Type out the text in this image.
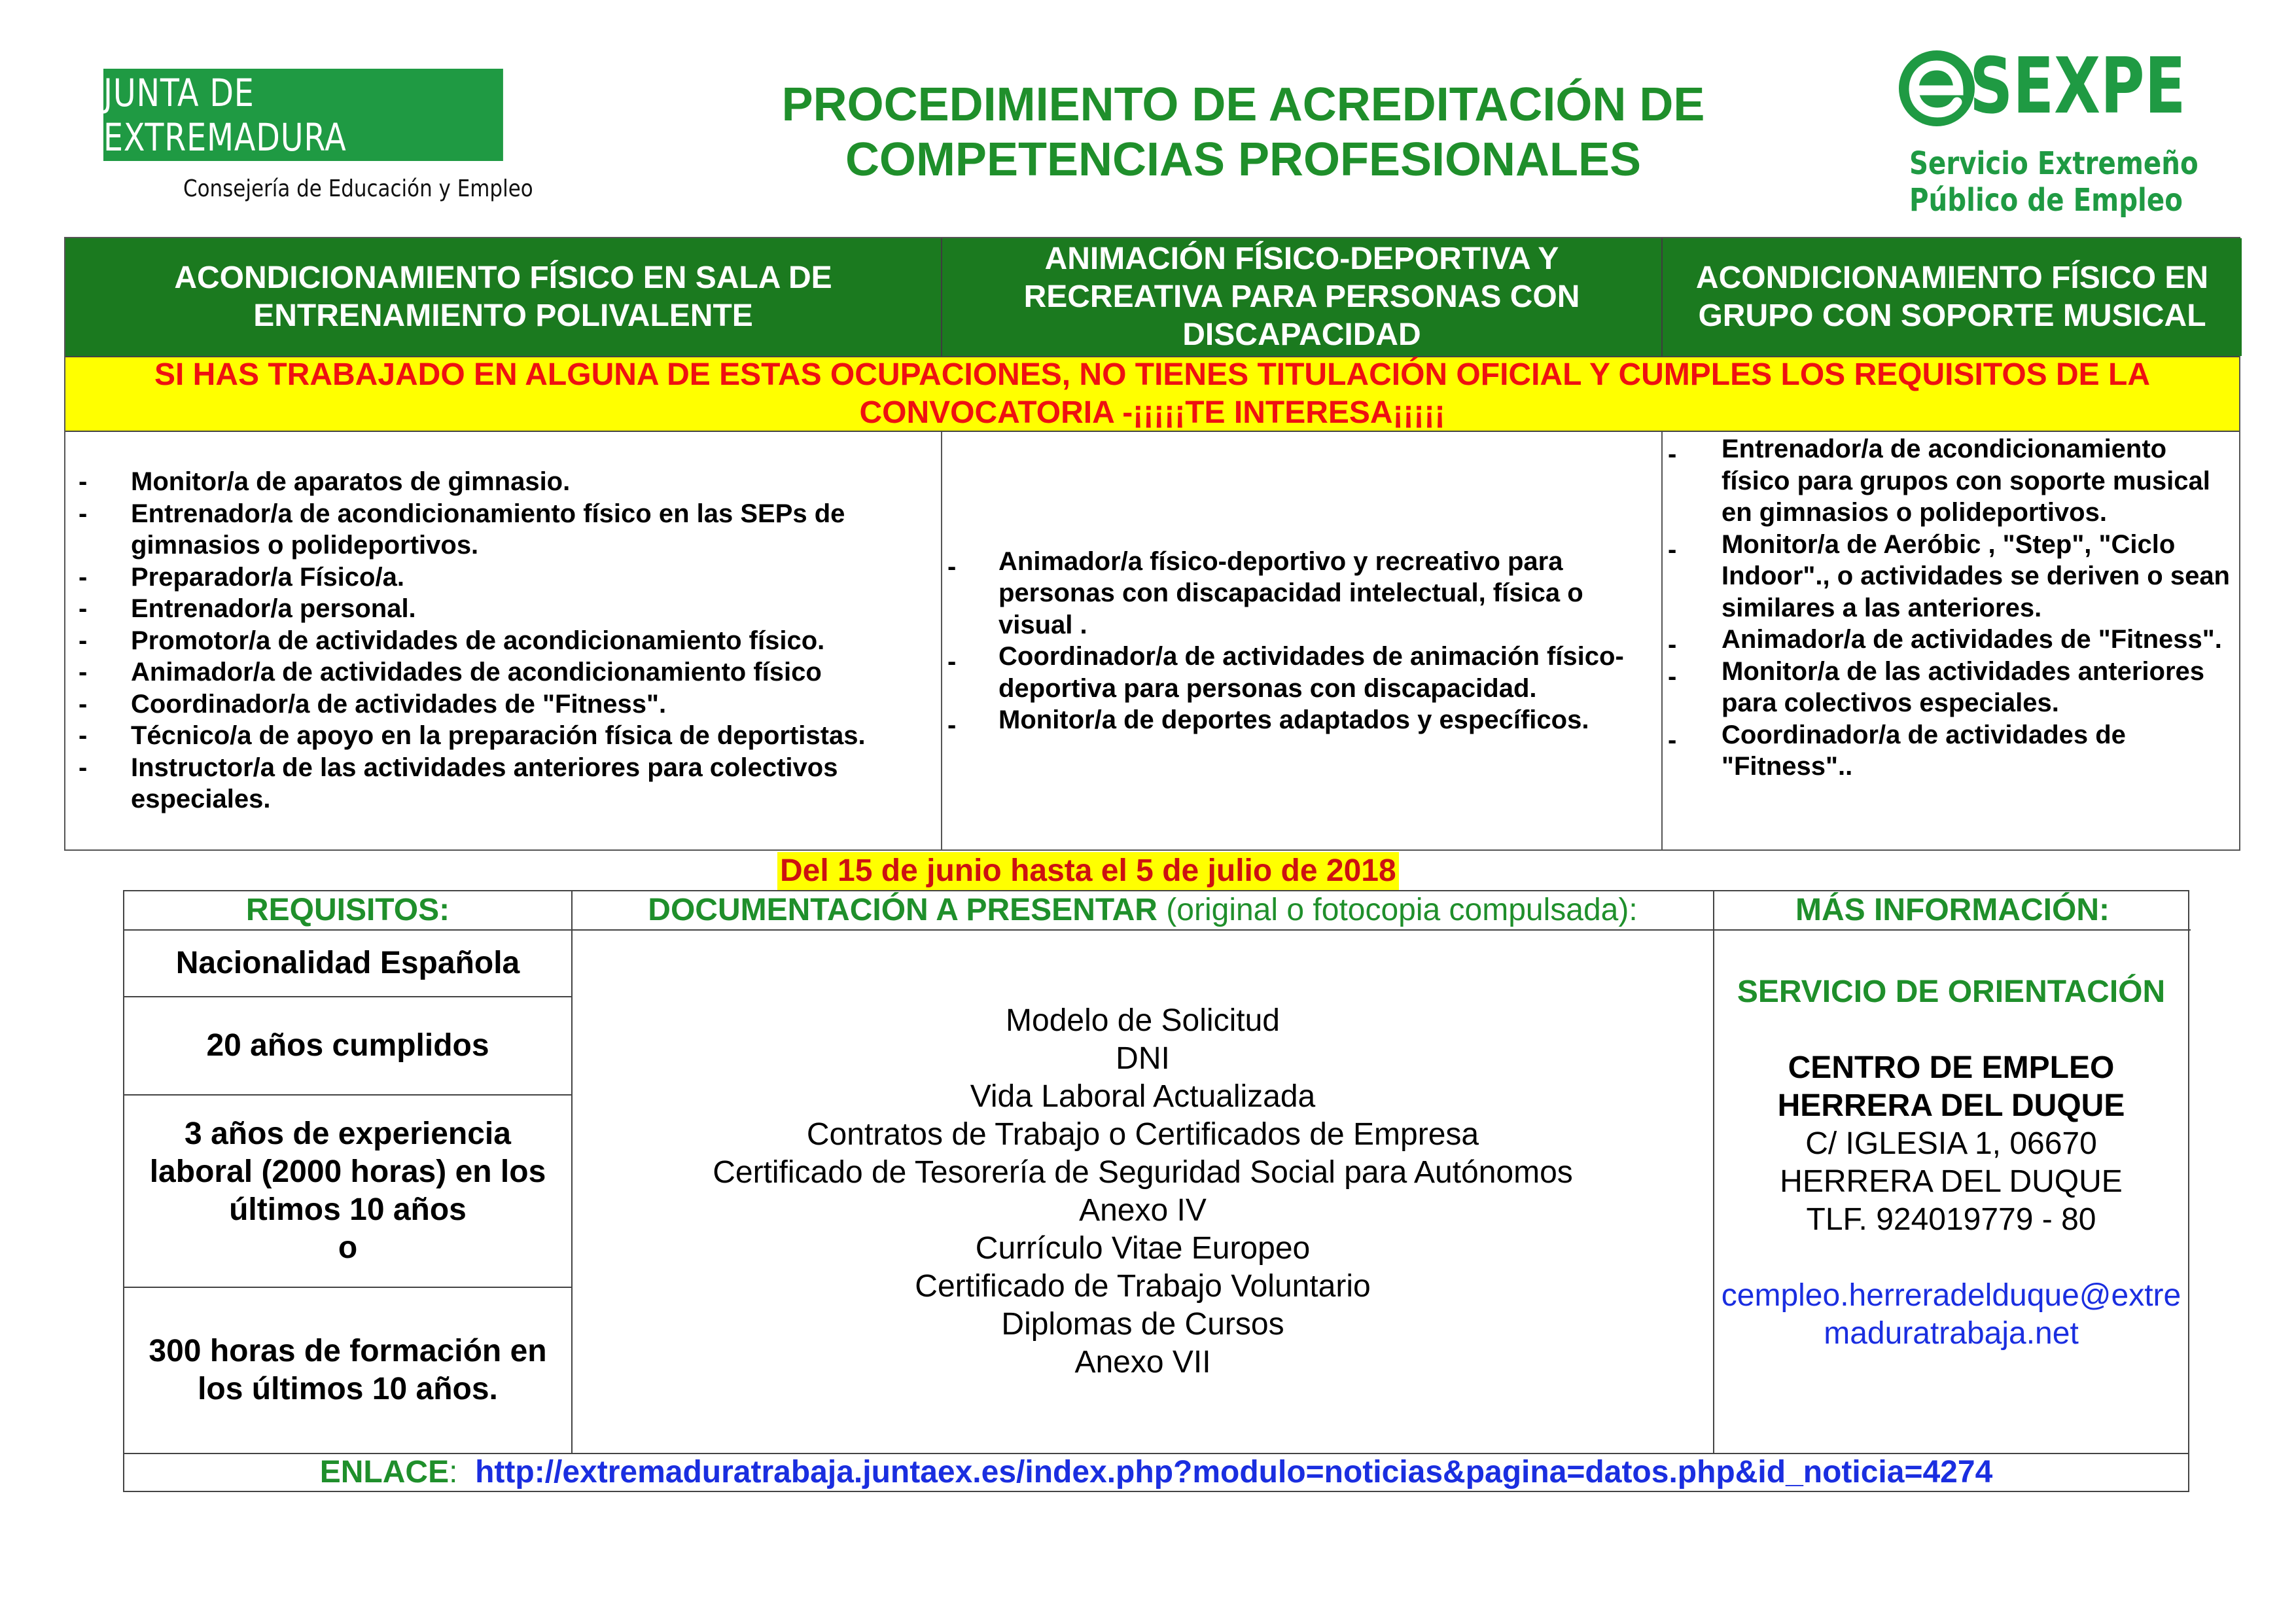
JUNTA DE EXTREMADURA
Consejería de Educación y Empleo
PROCEDIMIENTO DE ACREDITACIÓN DE
COMPETENCIAS PROFESIONALES
SEXPE
Servicio Extremeño
Público de Empleo
ACONDICIONAMIENTO FÍSICO EN SALA DE ENTRENAMIENTO POLIVALENTE
ANIMACIÓN FÍSICO-DEPORTIVA Y RECREATIVA PARA PERSONAS CON DISCAPACIDAD
ACONDICIONAMIENTO FÍSICO EN GRUPO CON SOPORTE MUSICAL
SI HAS TRABAJADO EN ALGUNA DE ESTAS OCUPACIONES, NO TIENES TITULACIÓN OFICIAL Y CUMPLES LOS REQUISITOS DE LA
CONVOCATORIA -¡¡¡¡¡TE INTERESA¡¡¡¡¡
- Monitor/a de aparatos de gimnasio.
- Entrenador/a de acondicionamiento físico en las SEPs de gimnasios o polideportivos.
- Preparador/a Físico/a.
- Entrenador/a personal.
- Promotor/a de actividades de acondicionamiento físico.
- Animador/a de actividades de acondicionamiento físico
- Coordinador/a de actividades de "Fitness".
- Técnico/a de apoyo en la preparación física de deportistas.
- Instructor/a de las actividades anteriores para colectivos especiales.
- Animador/a físico-deportivo y recreativo para personas con discapacidad intelectual, física o visual .
- Coordinador/a de actividades de animación físico-deportiva para personas con discapacidad.
- Monitor/a de deportes adaptados y específicos.
- Entrenador/a de acondicionamiento físico para grupos con soporte musical en gimnasios o polideportivos.
- Monitor/a de Aeróbic , "Step", "Ciclo Indoor"., o actividades se deriven o sean similares a las anteriores.
- Animador/a de actividades de "Fitness".
- Monitor/a de las actividades anteriores para colectivos especiales.
- Coordinador/a de actividades de "Fitness"..
Del 15 de junio hasta el 5 de julio de 2018
REQUISITOS:	DOCUMENTACIÓN A PRESENTAR (original o fotocopia compulsada):	MÁS INFORMACIÓN:
Nacionalidad Española
20 años cumplidos
3 años de experiencia laboral (2000 horas) en los últimos 10 años
o
300 horas de formación en los últimos 10 años.
Modelo de Solicitud
DNI
Vida Laboral Actualizada
Contratos de Trabajo o Certificados de Empresa
Certificado de Tesorería de Seguridad Social para Autónomos
Anexo IV
Currículo Vitae Europeo
Certificado de Trabajo Voluntario
Diplomas de Cursos
Anexo VII
SERVICIO DE ORIENTACIÓN
CENTRO DE EMPLEO HERRERA DEL DUQUE
C/ IGLESIA 1, 06670
HERRERA DEL DUQUE
TLF. 924019779 - 80
cempleo.herreradelduque@extremaduratrabaja.net
ENLACE: http://extremaduratrabaja.juntaex.es/index.php?modulo=noticias&pagina=datos.php&id_noticia=4274
